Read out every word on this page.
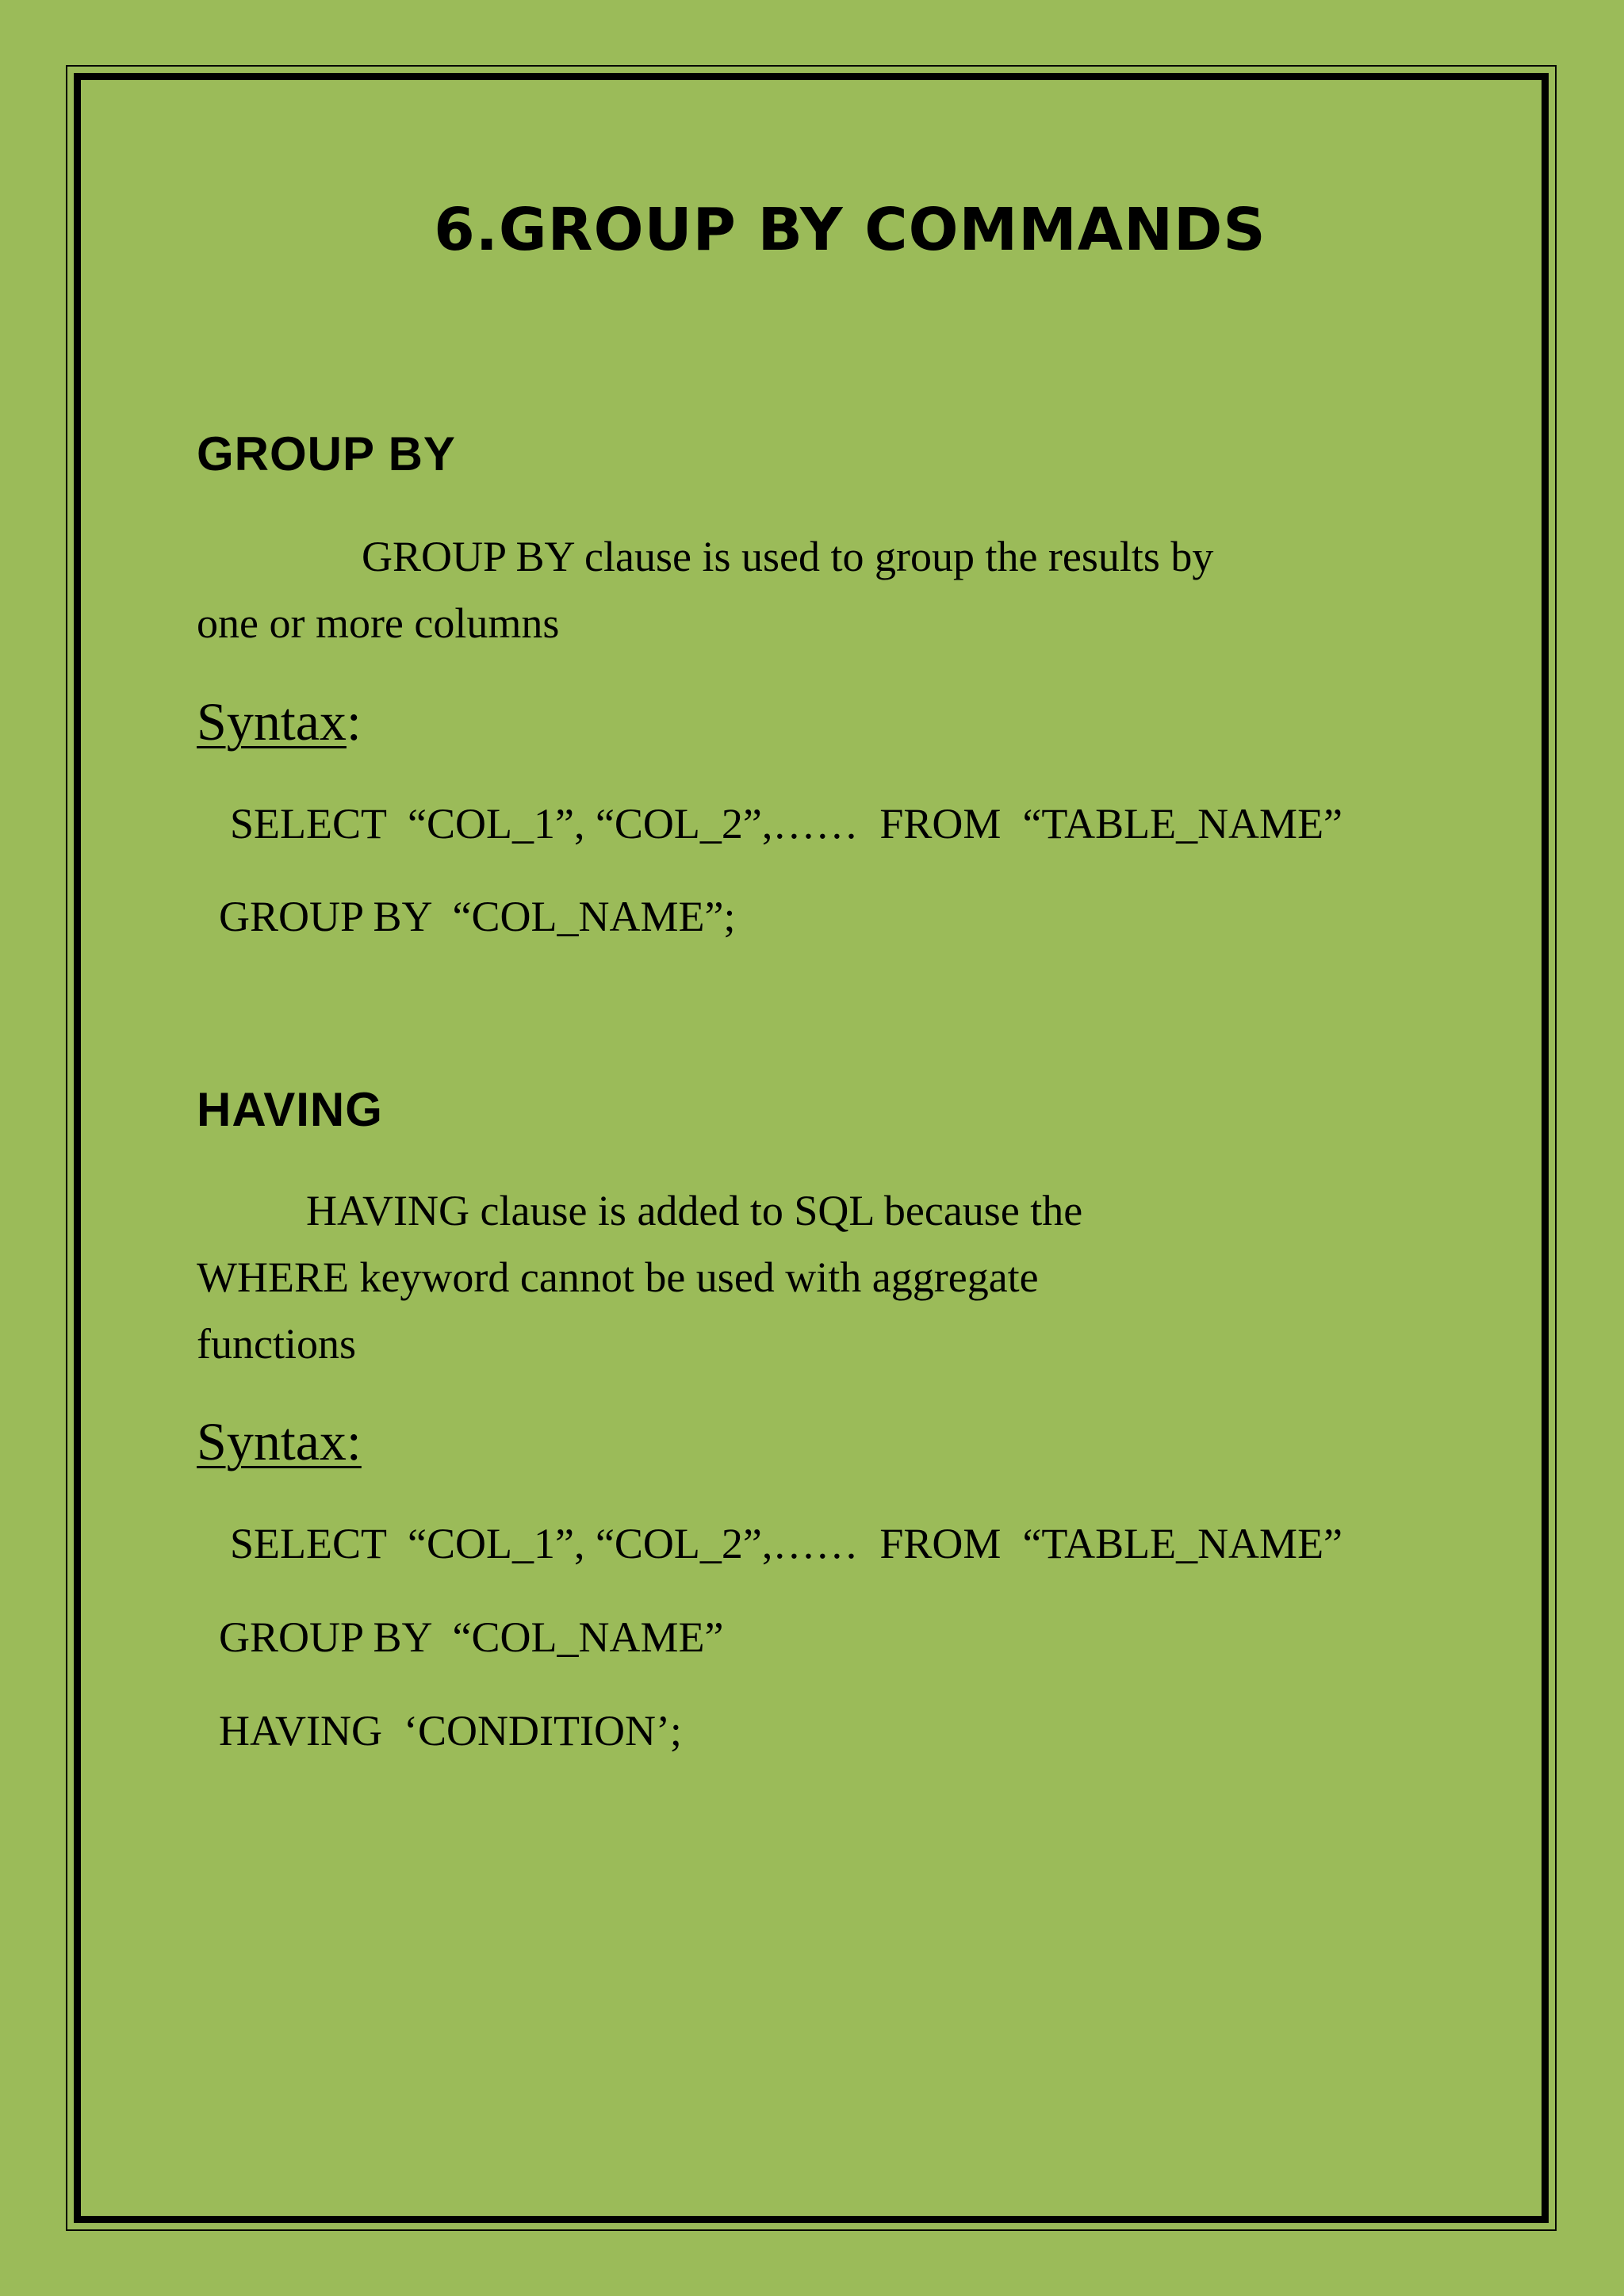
6.GROUP BY COMMANDS
GROUP BY

GROUP BY clause is used to group the results by
one or more columns

Syntax:

SELECT  “COL_1”, “COL_2”,……  FROM  “TABLE_NAME”

GROUP BY  “COL_NAME”;

HAVING

HAVING clause is added to SQL because the
WHERE keyword cannot be used with aggregate
functions

Syntax:

SELECT  “COL_1”, “COL_2”,……  FROM  “TABLE_NAME”

GROUP BY  “COL_NAME”

HAVING  ‘CONDITION’;
